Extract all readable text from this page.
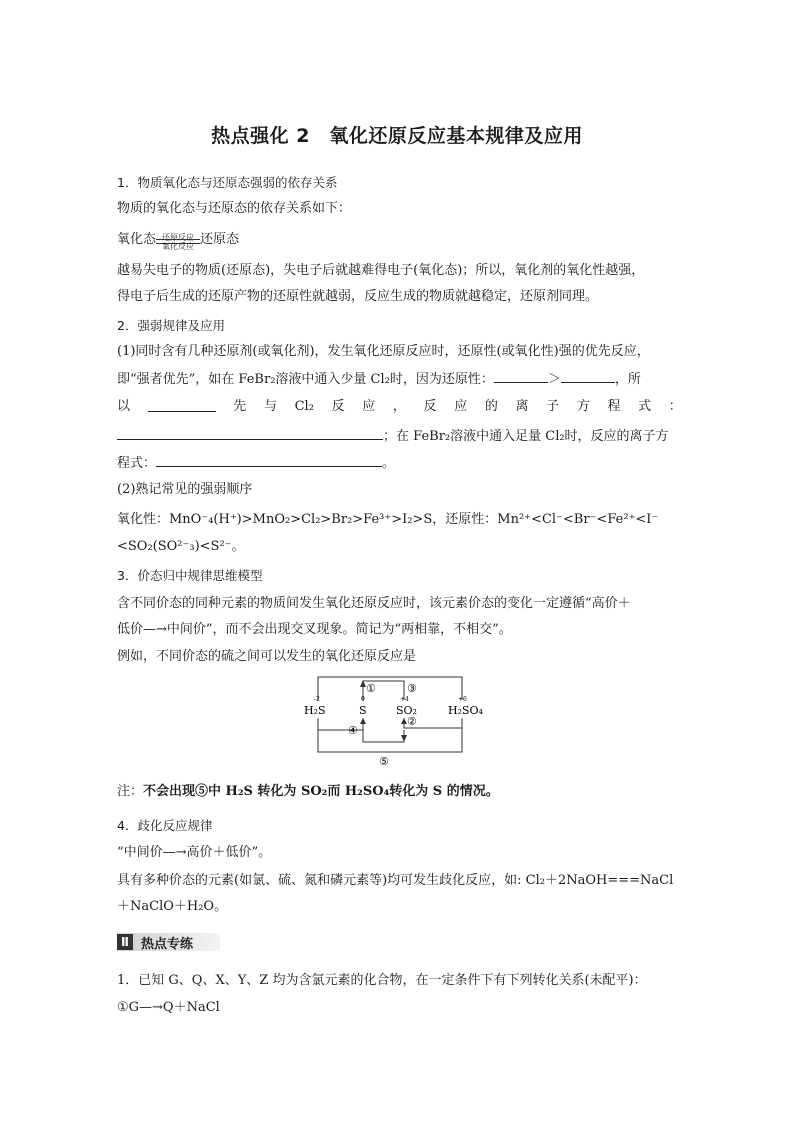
热点强化 2　氧化还原反应基本规律及应用
1．物质氧化态与还原态强弱的依存关系
物质的氧化态与还原态的依存关系如下：
氧化态 还原反应
氧化反应 还原态
越易失电子的物质(还原态)，失电子后就越难得电子(氧化态)；所以，氧化剂的氧化性越强，
得电子后生成的还原产物的还原性就越弱，反应生成的物质就越稳定，还原剂同理。
2．强弱规律及应用
(1)同时含有几种还原剂(或氧化剂)，发生氧化还原反应时，还原性(或氧化性)强的优先反应，
即“强者优先”，如在 FeBr₂溶液中通入少量 Cl₂时，因为还原性：	＞	，所
以	先 与 Cl₂ 反 应 ， 反 应 的 离 子 方 程 式 ：
；在 FeBr₂溶液中通入足量 Cl₂时，反应的离子方
程式：	。
(2)熟记常见的强弱顺序
氧化性：MnO⁻₄(H⁺)>MnO₂>Cl₂>Br₂>Fe³⁺>I₂>S，还原性：Mn²⁺<Cl⁻<Br⁻<Fe²⁺<I⁻
<SO₂(SO²⁻₃)<S²⁻。
3．价态归中规律思维模型
含不同价态的同种元素的物质间发生氧化还原反应时，该元素价态的变化一定遵循“高价＋
低价—→中间价”，而不会出现交叉现象。简记为“两相靠，不相交”。
例如，不同价态的硫之间可以发生的氧化还原反应是
H₂S	S	SO₂	H₂SO₄
-2	0	+4	+6
①
②
③
④
⑤
注：不会出现⑤中 H₂S 转化为 SO₂而 H₂SO₄转化为 S 的情况。
4．歧化反应规律
“中间价—→高价＋低价”。
具有多种价态的元素(如氯、硫、氮和磷元素等)均可发生歧化反应，如: Cl₂＋2NaOH===NaCl
＋NaClO＋H₂O。
Ⅱ 热点专练
1．已知 G、Q、X、Y、Z 均为含氯元素的化合物，在一定条件下有下列转化关系(未配平)：
①G—→Q＋NaCl
